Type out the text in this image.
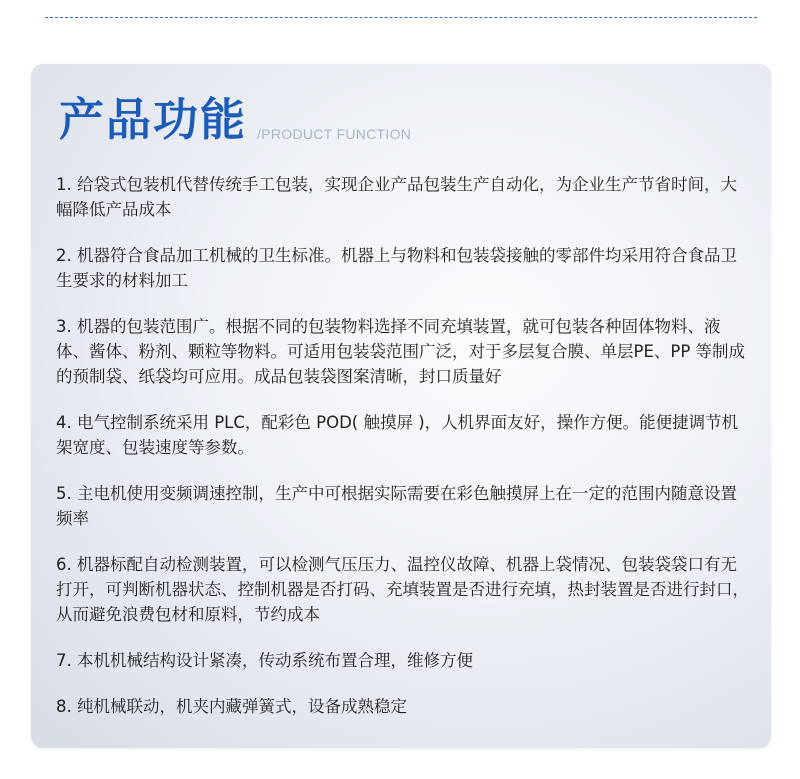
产品功能 /PRODUCT FUNCTION
1. 给袋式包装机代替传统手工包装，实现企业产品包装生产自动化，为企业生产节省时间，大幅降低产品成本
2. 机器符合食品加工机械的卫生标准。机器上与物料和包装袋接触的零部件均采用符合食品卫生要求的材料加工
3. 机器的包装范围广。根据不同的包装物料选择不同充填装置，就可包装各种固体物料、液体、酱体、粉剂、颗粒等物料。可适用包装袋范围广泛，对于多层复合膜、单层PE、PP 等制成的预制袋、纸袋均可应用。成品包装袋图案清晰，封口质量好
4. 电气控制系统采用 PLC，配彩色 POD( 触摸屏 )，人机界面友好，操作方便。能便捷调节机架宽度、包装速度等参数。
5. 主电机使用变频调速控制，生产中可根据实际需要在彩色触摸屏上在一定的范围内随意设置频率
6. 机器标配自动检测装置，可以检测气压压力、温控仪故障、机器上袋情况、包装袋袋口有无打开，可判断机器状态、控制机器是否打码、充填装置是否进行充填，热封装置是否进行封口，从而避免浪费包材和原料，节约成本
7. 本机机械结构设计紧凑，传动系统布置合理，维修方便
8. 纯机械联动，机夹内藏弹簧式，设备成熟稳定
